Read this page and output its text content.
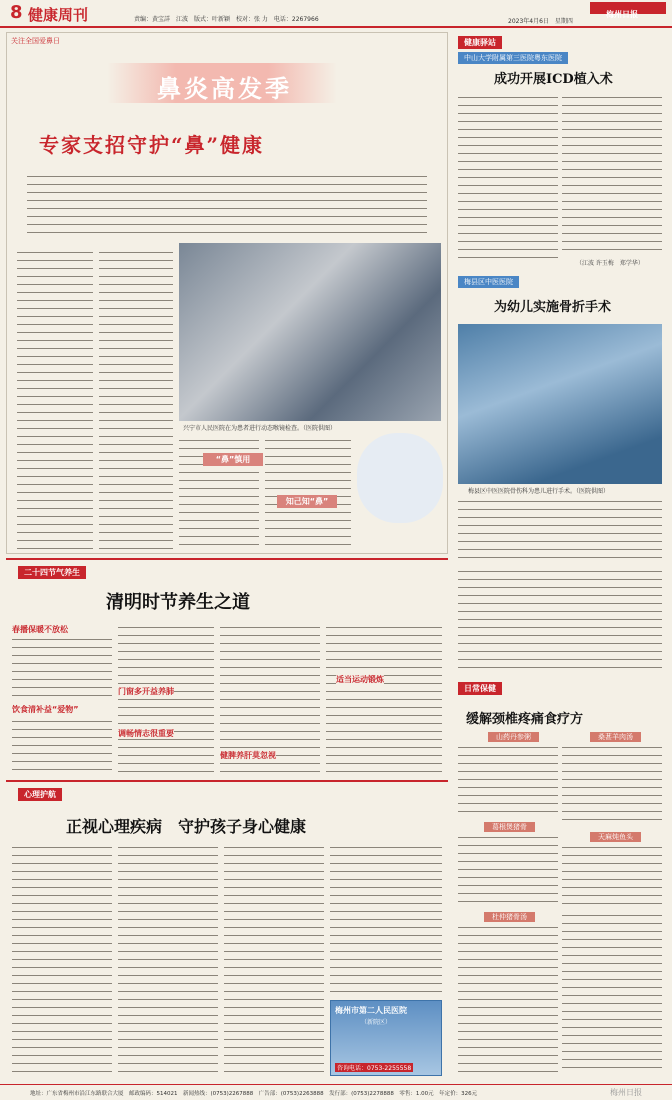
8 健康周刊	责编：黄宝詳　江波　版式：叶新颖　校对：张 力　电话：2267966	2023年4月6日　星期四
梅州日报
关注全国爱鼻日
鼻炎高发季
专家支招守护“鼻”健康
兴宁市人民医院在为患者进行动态喉镜检查。（医院供图）
“鼻”慎用
知己知“鼻”
健康驿站
中山大学附属第三医院粤东医院
成功开展ICD植入术
（江波 许玉梅　郑学华）
梅县区中医医院
为幼儿实施骨折手术
梅县区中医医院骨伤科为患儿进行手术。（医院供图）
二十四节气养生
清明时节养生之道
春播保暖不放松
饮食清补益“爱物”
门窗多开益养肺
调畅情志很重要
健脾养肝莫忽视
适当运动锻炼
心理护航
正视心理疾病　守护孩子身心健康
梅州市第二人民医院
（新院区）
咨询电话：0753-2255558
日常保健
缓解颈椎疼痛食疗方
山药丹参粥	桑葚羊肉汤
葛根煲猪骨
天麻炖鱼头
杜仲猪骨汤
地址：广东省梅州市沿江东路联合大厦　邮政编码：514021　新闻热线：(0753)2267888　广告部：(0753)2263888　发行部：(0753)2278888　零售：1.00元　年定价：326元	梅州日报
